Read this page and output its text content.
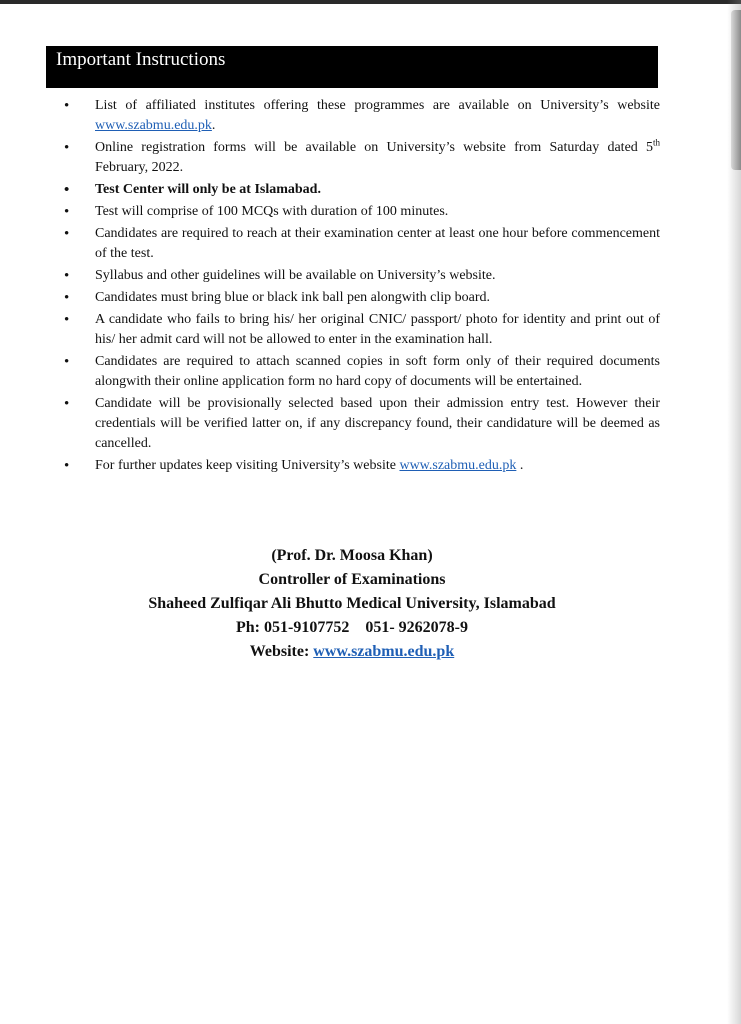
Important Instructions
•	List of affiliated institutes offering these programmes are available on University’s website www.szabmu.edu.pk.
•	Online registration forms will be available on University’s website from Saturday dated 5th February, 2022.
•	Test Center will only be at Islamabad.
•	Test will comprise of 100 MCQs with duration of 100 minutes.
•	Candidates are required to reach at their examination center at least one hour before commencement of the test.
•	Syllabus and other guidelines will be available on University’s website.
•	Candidates must bring blue or black ink ball pen alongwith clip board.
•	A candidate who fails to bring his/ her original CNIC/ passport/ photo for identity and print out of his/ her admit card will not be allowed to enter in the examination hall.
•	Candidates are required to attach scanned copies in soft form only of their required documents alongwith their online application form no hard copy of documents will be entertained.
•	Candidate will be provisionally selected based upon their admission entry test. However their credentials will be verified latter on, if any discrepancy found, their candidature will be deemed as cancelled.
•	For further updates keep visiting University’s website www.szabmu.edu.pk .
(Prof. Dr. Moosa Khan)
Controller of Examinations
Shaheed Zulfiqar Ali Bhutto Medical University, Islamabad
Ph: 051-9107752    051- 9262078-9
Website: www.szabmu.edu.pk
